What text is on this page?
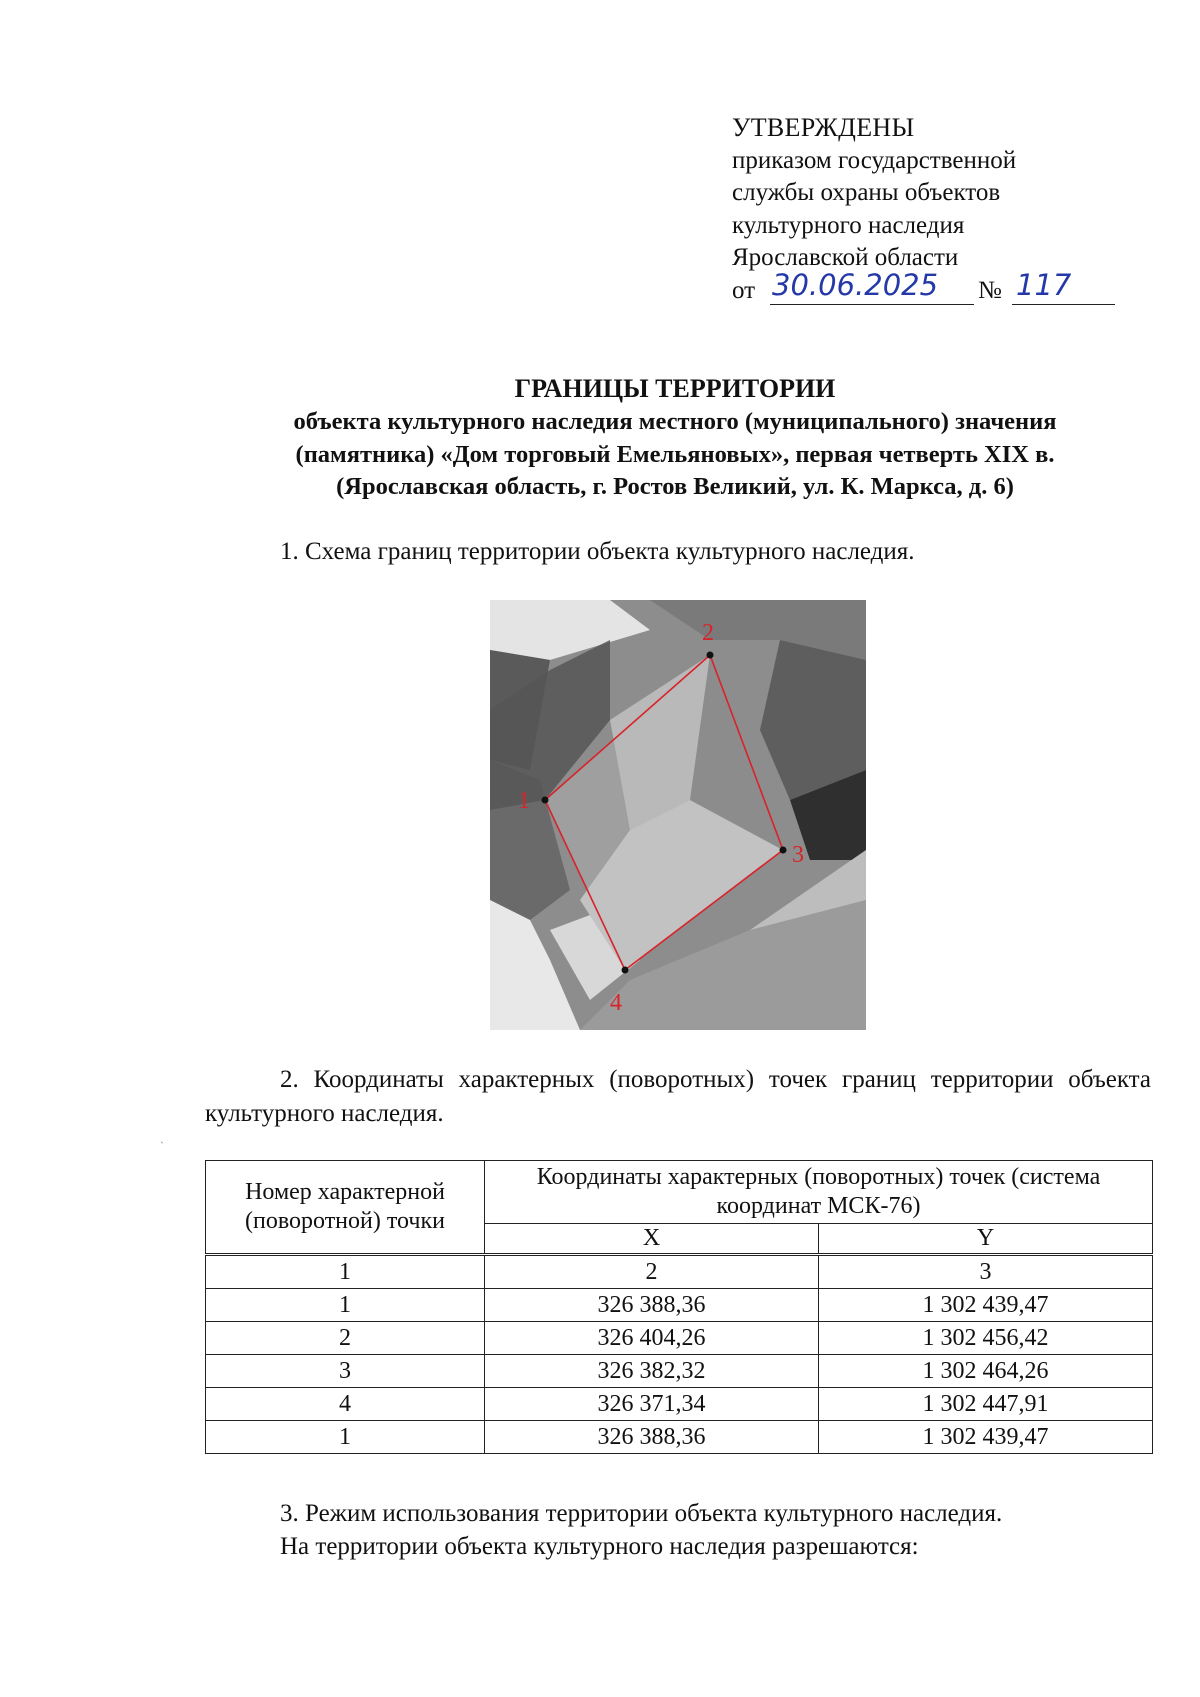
УТВЕРЖДЕНЫ
приказом государственной
службы охраны объектов
культурного наследия
Ярославской области
от 30.06.2025 № 117
ГРАНИЦЫ ТЕРРИТОРИИ
объекта культурного наследия местного (муниципального) значения
(памятника) «Дом торговый Емельяновых», первая четверть XIX в.
(Ярославская область, г. Ростов Великий, ул. К. Маркса, д. 6)
1. Схема границ территории объекта культурного наследия.
1
2
3
4
2. Координаты характерных (поворотных) точек границ территории объекта культурного наследия.
Номер характерной (поворотной) точки	Координаты характерных (поворотных) точек (система координат МСК-76)	
	X	Y
1	2	3
1	326 388,36	1 302 439,47
2	326 404,26	1 302 456,42
3	326 382,32	1 302 464,26
4	326 371,34	1 302 447,91
1	326 388,36	1 302 439,47
3. Режим использования территории объекта культурного наследия.
На территории объекта культурного наследия разрешаются:
ˏ
